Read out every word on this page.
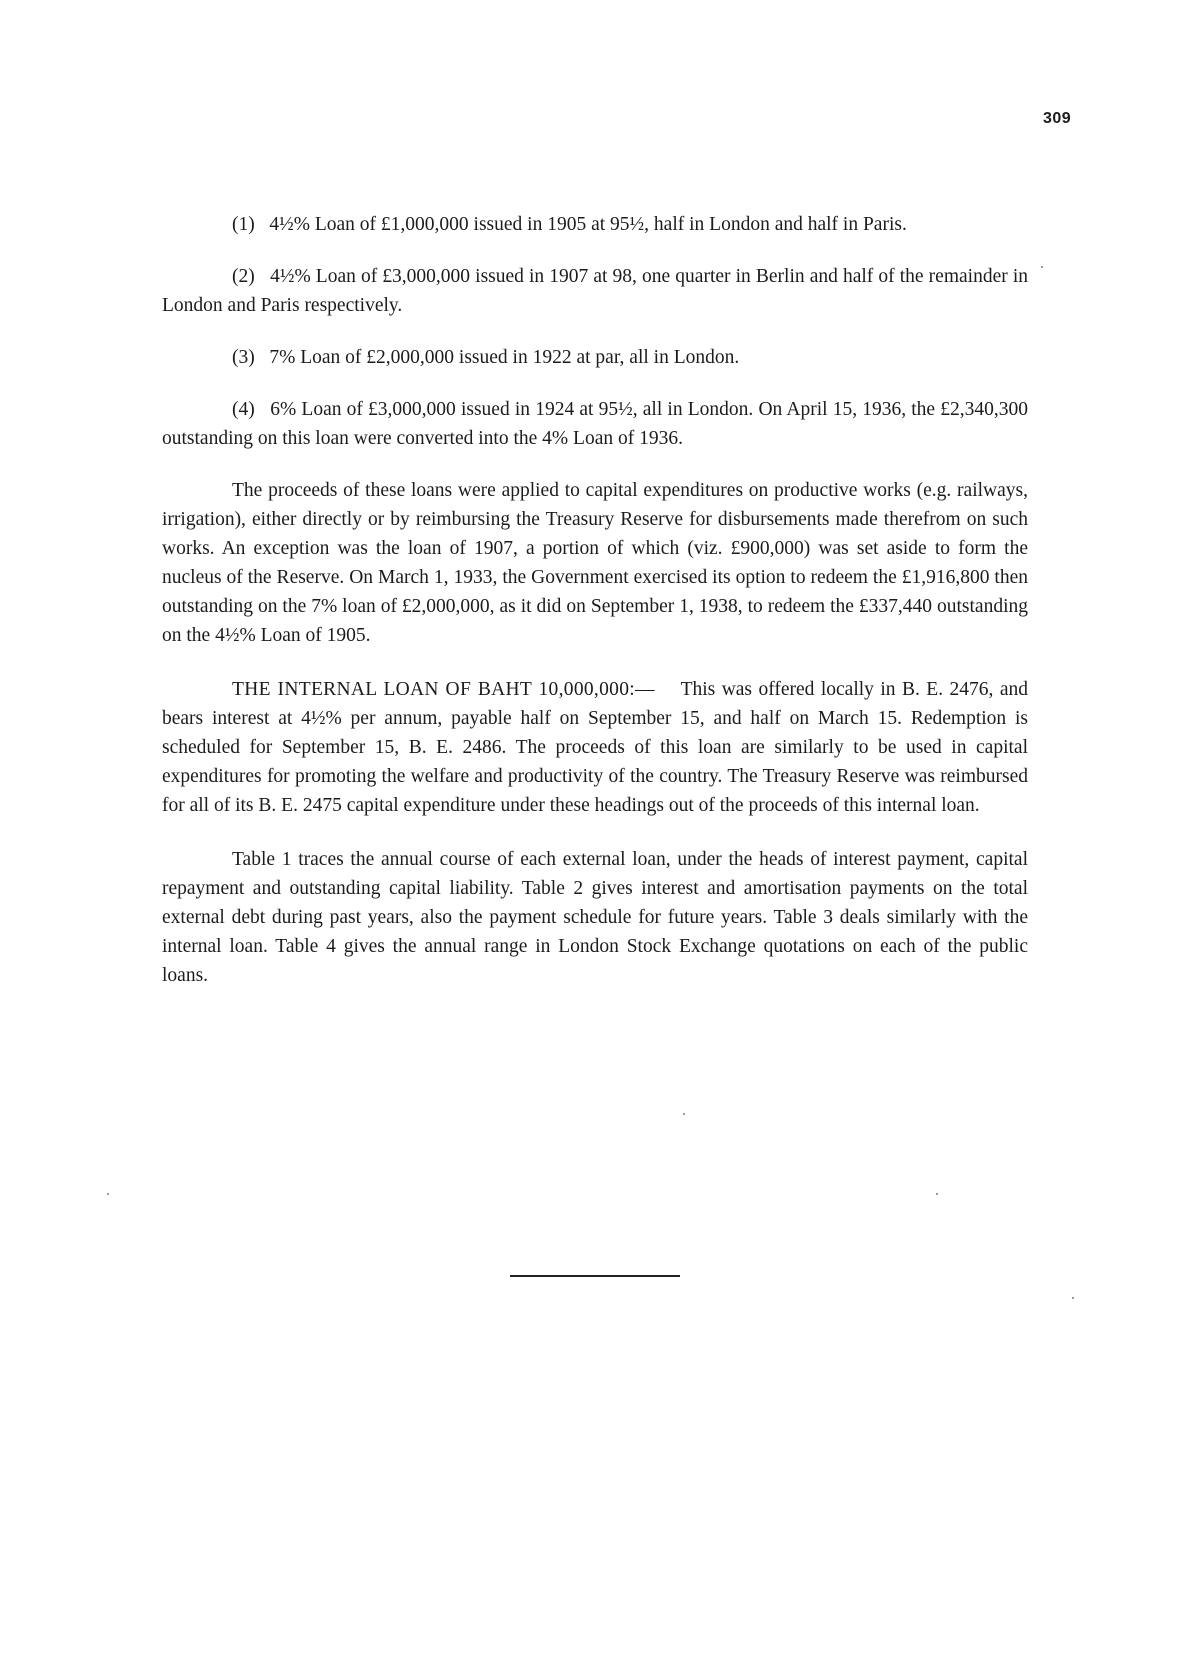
309

(1) 4½% Loan of £1,000,000 issued in 1905 at 95½, half in London and half in Paris.

(2) 4½% Loan of £3,000,000 issued in 1907 at 98, one quarter in Berlin and half of the remainder in London and Paris respectively.

(3) 7% Loan of £2,000,000 issued in 1922 at par, all in London.

(4) 6% Loan of £3,000,000 issued in 1924 at 95½, all in London. On April 15, 1936, the £2,340,300 outstanding on this loan were converted into the 4% Loan of 1936.

The proceeds of these loans were applied to capital expenditures on productive works (e.g. railways, irrigation), either directly or by reimbursing the Treasury Reserve for disbursements made therefrom on such works. An exception was the loan of 1907, a portion of which (viz. £900,000) was set aside to form the nucleus of the Reserve. On March 1, 1933, the Government exercised its option to redeem the £1,916,800 then outstanding on the 7% loan of £2,000,000, as it did on September 1, 1938, to redeem the £337,440 outstanding on the 4½% Loan of 1905.

THE INTERNAL LOAN OF BAHT 10,000,000:— This was offered locally in B. E. 2476, and bears interest at 4½% per annum, payable half on September 15, and half on March 15. Redemption is scheduled for September 15, B. E. 2486. The proceeds of this loan are similarly to be used in capital expenditures for promoting the welfare and productivity of the country. The Treasury Reserve was reimbursed for all of its B. E. 2475 capital expenditure under these headings out of the proceeds of this internal loan.

Table 1 traces the annual course of each external loan, under the heads of interest payment, capital repayment and outstanding capital liability. Table 2 gives interest and amortisation payments on the total external debt during past years, also the payment schedule for future years. Table 3 deals similarly with the internal loan. Table 4 gives the annual range in London Stock Exchange quotations on each of the public loans.
